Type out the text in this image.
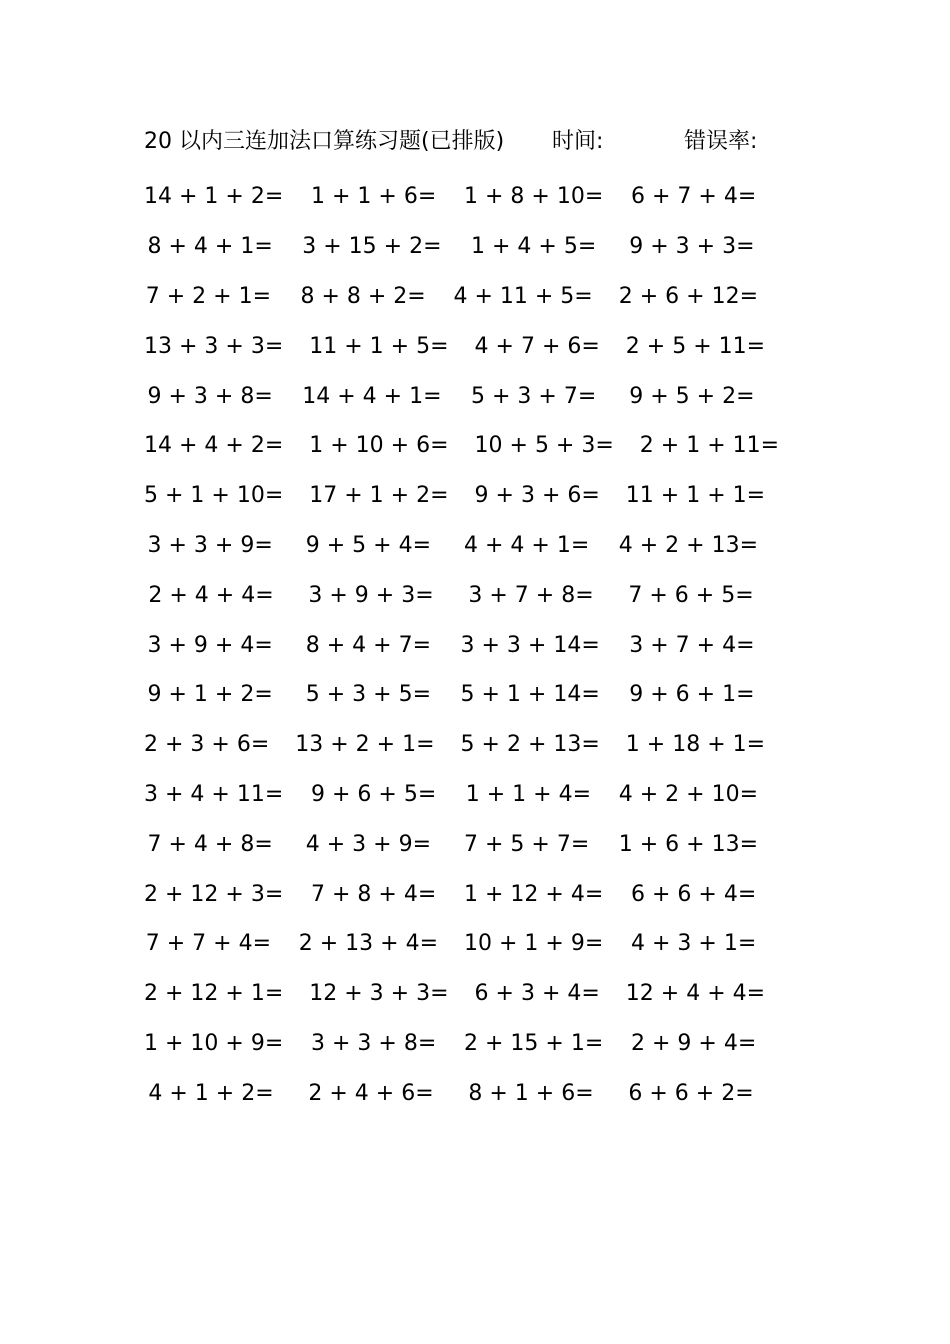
20 以内三连加法口算练习题(已排版) 时间:	错误率:
14 + 1 + 2=	1 + 1 + 6=	1 + 8 + 10=	6 + 7 + 4=
8 + 4 + 1=	3 + 15 + 2=	1 + 4 + 5=	9 + 3 + 3=
7 + 2 + 1=	8 + 8 + 2=	4 + 11 + 5=	2 + 6 + 12=
13 + 3 + 3=	11 + 1 + 5=	4 + 7 + 6=	2 + 5 + 11=
9 + 3 + 8=	14 + 4 + 1=	5 + 3 + 7=	9 + 5 + 2=
14 + 4 + 2=	1 + 10 + 6=	10 + 5 + 3=	2 + 1 + 11=
5 + 1 + 10=	17 + 1 + 2=	9 + 3 + 6=	11 + 1 + 1=
3 + 3 + 9=	9 + 5 + 4=	4 + 4 + 1=	4 + 2 + 13=
2 + 4 + 4=	3 + 9 + 3=	3 + 7 + 8=	7 + 6 + 5=
3 + 9 + 4=	8 + 4 + 7=	3 + 3 + 14=	3 + 7 + 4=
9 + 1 + 2=	5 + 3 + 5=	5 + 1 + 14=	9 + 6 + 1=
2 + 3 + 6=	13 + 2 + 1=	5 + 2 + 13=	1 + 18 + 1=
3 + 4 + 11=	9 + 6 + 5=	1 + 1 + 4=	4 + 2 + 10=
7 + 4 + 8=	4 + 3 + 9=	7 + 5 + 7=	1 + 6 + 13=
2 + 12 + 3=	7 + 8 + 4=	1 + 12 + 4=	6 + 6 + 4=
7 + 7 + 4=	2 + 13 + 4=	10 + 1 + 9=	4 + 3 + 1=
2 + 12 + 1=	12 + 3 + 3=	6 + 3 + 4=	12 + 4 + 4=
1 + 10 + 9=	3 + 3 + 8=	2 + 15 + 1=	2 + 9 + 4=
4 + 1 + 2=	2 + 4 + 6=	8 + 1 + 6=	6 + 6 + 2=
